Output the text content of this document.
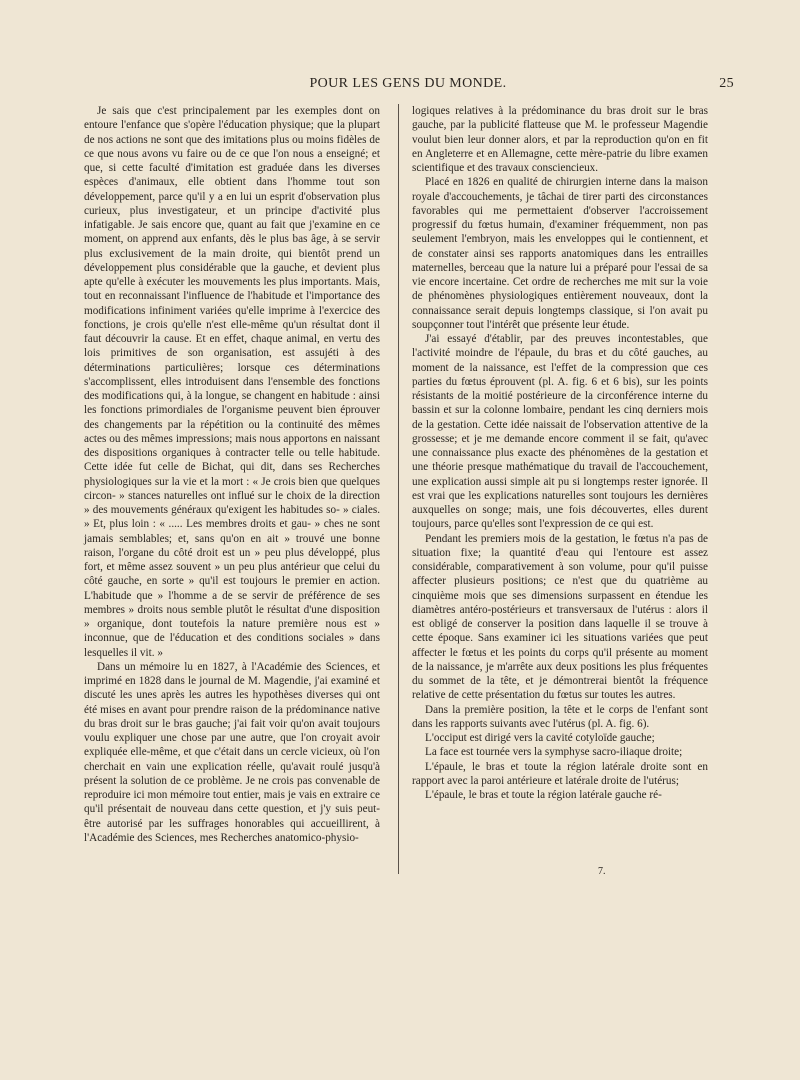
POUR LES GENS DU MONDE.	25

Je sais que c'est principalement par les exemples dont on entoure l'enfance que s'opère l'éducation physique; que la plupart de nos actions ne sont que des imitations plus ou moins fidèles de ce que nous avons vu faire ou de ce que l'on nous a enseigné; et que, si cette faculté d'imitation est graduée dans les diverses espèces d'animaux, elle obtient dans l'homme tout son développement, parce qu'il y a en lui un esprit d'observation plus curieux, plus investigateur, et un principe d'activité plus infatigable. Je sais encore que, quant au fait que j'examine en ce moment, on apprend aux enfants, dès le plus bas âge, à se servir plus exclusivement de la main droite, qui bientôt prend un développement plus considérable que la gauche, et devient plus apte qu'elle à exécuter les mouvements les plus importants. Mais, tout en reconnaissant l'influence de l'habitude et l'importance des modifications infiniment variées qu'elle imprime à l'exercice des fonctions, je crois qu'elle n'est elle-même qu'un résultat dont il faut découvrir la cause. Et en effet, chaque animal, en vertu des lois primitives de son organisation, est assujéti à des déterminations particulières; lorsque ces déterminations s'accomplissent, elles introduisent dans l'ensemble des fonctions des modifications qui, à la longue, se changent en habitude : ainsi les fonctions primordiales de l'organisme peuvent bien éprouver des changements par la répétition ou la continuité des mêmes actes ou des mêmes impressions; mais nous apportons en naissant des dispositions organiques à contracter telle ou telle habitude. Cette idée fut celle de Bichat, qui dit, dans ses Recherches physiologiques sur la vie et la mort : « Je crois bien que quelques circon- » stances naturelles ont influé sur le choix de la direction » des mouvements généraux qu'exigent les habitudes so- » ciales. » Et, plus loin : « ..... Les membres droits et gau- » ches ne sont jamais semblables; et, sans qu'on en ait » trouvé une bonne raison, l'organe du côté droit est un » peu plus développé, plus fort, et même assez souvent » un peu plus antérieur que celui du côté gauche, en sorte » qu'il est toujours le premier en action. L'habitude que » l'homme a de se servir de préférence de ses membres » droits nous semble plutôt le résultat d'une disposition » organique, dont toutefois la nature première nous est » inconnue, que de l'éducation et des conditions sociales » dans lesquelles il vit. »

Dans un mémoire lu en 1827, à l'Académie des Sciences, et imprimé en 1828 dans le journal de M. Magendie, j'ai examiné et discuté les unes après les autres les hypothèses diverses qui ont été mises en avant pour prendre raison de la prédominance native du bras droit sur le bras gauche; j'ai fait voir qu'on avait toujours voulu expliquer une chose par une autre, que l'on croyait avoir expliquée elle-même, et que c'était dans un cercle vicieux, où l'on cherchait en vain une explication réelle, qu'avait roulé jusqu'à présent la solution de ce problème. Je ne crois pas convenable de reproduire ici mon mémoire tout entier, mais je vais en extraire ce qu'il présentait de nouveau dans cette question, et j'y suis peut-être autorisé par les suffrages honorables qui accueillirent, à l'Académie des Sciences, mes Recherches anatomico-physio-

logiques relatives à la prédominance du bras droit sur le bras gauche, par la publicité flatteuse que M. le professeur Magendie voulut bien leur donner alors, et par la reproduction qu'on en fit en Angleterre et en Allemagne, cette mère-patrie du libre examen scientifique et des travaux consciencieux.

Placé en 1826 en qualité de chirurgien interne dans la maison royale d'accouchements, je tâchai de tirer parti des circonstances favorables qui me permettaient d'observer l'accroissement progressif du fœtus humain, d'examiner fréquemment, non pas seulement l'embryon, mais les enveloppes qui le contiennent, et de constater ainsi ses rapports anatomiques dans les entrailles maternelles, berceau que la nature lui a préparé pour l'essai de sa vie encore incertaine. Cet ordre de recherches me mit sur la voie de phénomènes physiologiques entièrement nouveaux, dont la connaissance serait depuis longtemps classique, si l'on avait pu soupçonner tout l'intérêt que présente leur étude.

J'ai essayé d'établir, par des preuves incontestables, que l'activité moindre de l'épaule, du bras et du côté gauches, au moment de la naissance, est l'effet de la compression que ces parties du fœtus éprouvent (pl. A. fig. 6 et 6 bis), sur les points résistants de la moitié postérieure de la circonférence interne du bassin et sur la colonne lombaire, pendant les cinq derniers mois de la gestation. Cette idée naissait de l'observation attentive de la grossesse; et je me demande encore comment il se fait, qu'avec une connaissance plus exacte des phénomènes de la gestation et une théorie presque mathématique du travail de l'accouchement, une explication aussi simple ait pu si longtemps rester ignorée. Il est vrai que les explications naturelles sont toujours les dernières auxquelles on songe; mais, une fois découvertes, elles durent toujours, parce qu'elles sont l'expression de ce qui est.

Pendant les premiers mois de la gestation, le fœtus n'a pas de situation fixe; la quantité d'eau qui l'entoure est assez considérable, comparativement à son volume, pour qu'il puisse affecter plusieurs positions; ce n'est que du quatrième au cinquième mois que ses dimensions surpassent en étendue les diamètres antéro-postérieurs et transversaux de l'utérus : alors il est obligé de conserver la position dans laquelle il se trouve à cette époque. Sans examiner ici les situations variées que peut affecter le fœtus et les points du corps qu'il présente au moment de la naissance, je m'arrête aux deux positions les plus fréquentes du sommet de la tête, et je démontrerai bientôt la fréquence relative de cette présentation du fœtus sur toutes les autres.

Dans la première position, la tête et le corps de l'enfant sont dans les rapports suivants avec l'utérus (pl. A. fig. 6).

L'occiput est dirigé vers la cavité cotyloïde gauche;

La face est tournée vers la symphyse sacro-iliaque droite;

L'épaule, le bras et toute la région latérale droite sont en rapport avec la paroi antérieure et latérale droite de l'utérus;

L'épaule, le bras et toute la région latérale gauche ré-

7.
